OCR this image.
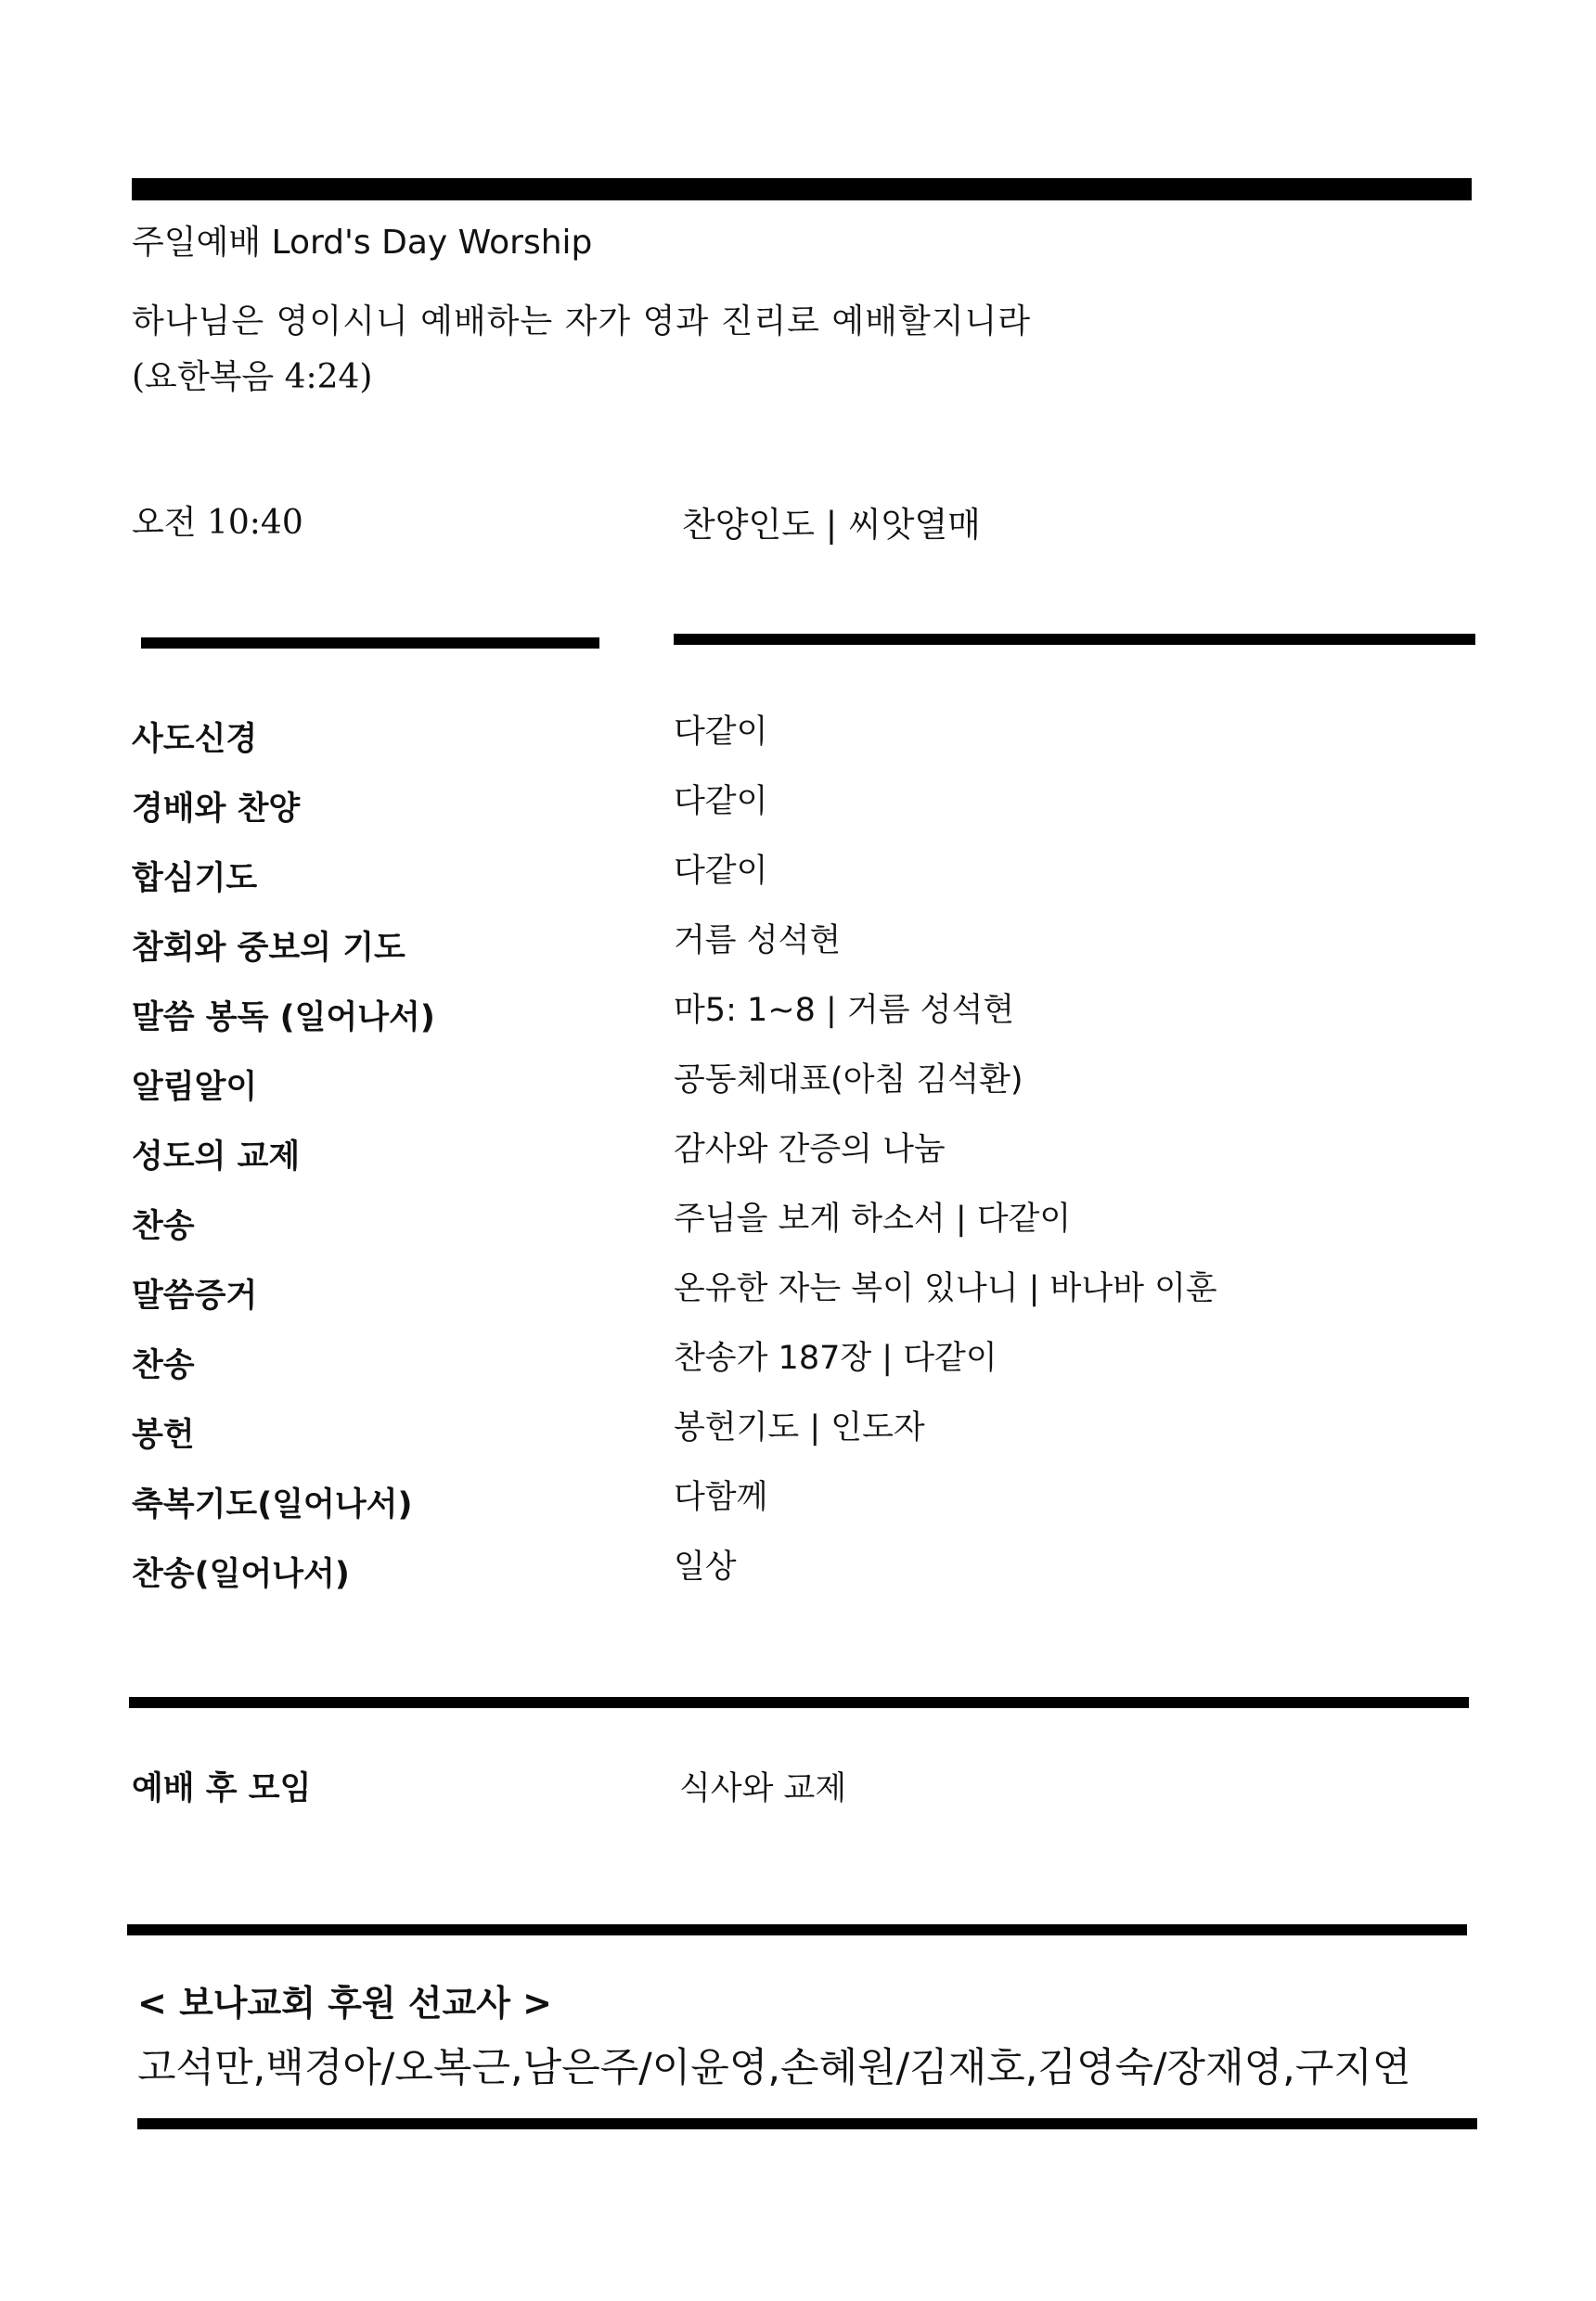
주일예배 Lord's Day Worship
하나님은 영이시니 예배하는 자가 영과 진리로 예배할지니라
(요한복음 4:24)
오전 10:40	찬양인도 | 씨앗열매
사도신경	다같이
경배와 찬양	다같이
합심기도	다같이
참회와 중보의 기도	거름 성석현
말씀 봉독 (일어나서)	마5: 1~8 | 거름 성석현
알림알이	공동체대표(아침 김석환)
성도의 교제	감사와 간증의 나눔
찬송	주님을 보게 하소서 | 다같이
말씀증거	온유한 자는 복이 있나니 | 바나바 이훈
찬송	찬송가 187장 | 다같이
봉헌	봉헌기도 | 인도자
축복기도(일어나서)	다함께
찬송(일어나서)	일상
예배 후 모임	식사와 교제
< 보나교회 후원 선교사 >
고석만,백경아/오복근,남은주/이윤영,손혜원/김재호,김영숙/장재영,구지연
